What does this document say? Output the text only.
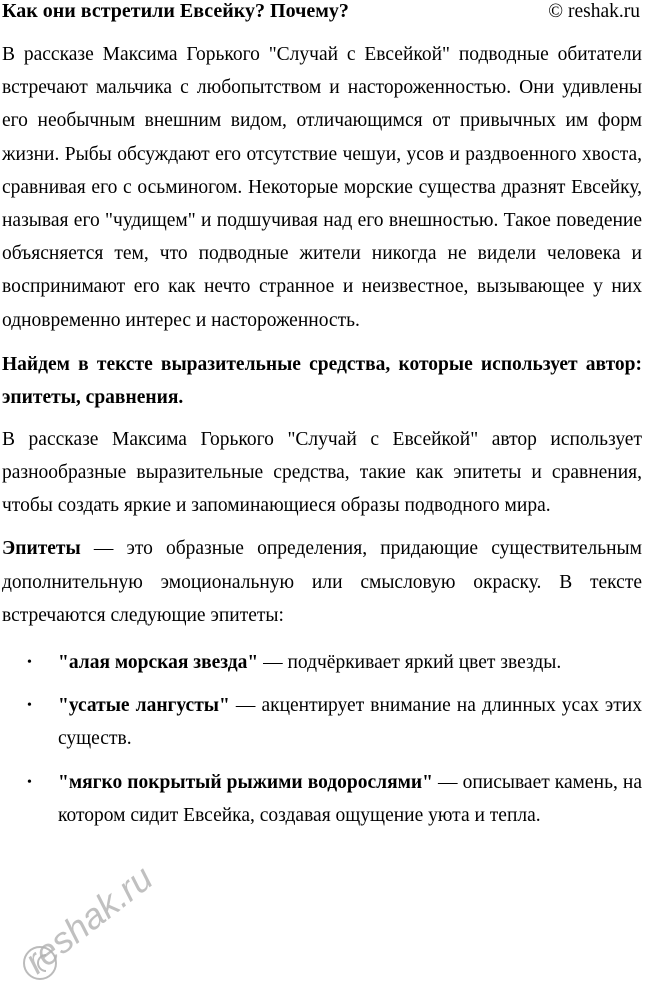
Как они встретили Евсейку? Почему?	© reshak.ru

В рассказе Максима Горького "Случай с Евсейкой" подводные обитатели встречают мальчика с любопытством и настороженностью. Они удивлены его необычным внешним видом, отличающимся от привычных им форм жизни. Рыбы обсуждают его отсутствие чешуи, усов и раздвоенного хвоста, сравнивая его с осьминогом. Некоторые морские существа дразнят Евсейку, называя его "чудищем" и подшучивая над его внешностью. Такое поведение объясняется тем, что подводные жители никогда не видели человека и воспринимают его как нечто странное и неизвестное, вызывающее у них одновременно интерес и настороженность.

Найдем в тексте выразительные средства, которые использует автор: эпитеты, сравнения.

В рассказе Максима Горького "Случай с Евсейкой" автор использует разнообразные выразительные средства, такие как эпитеты и сравнения, чтобы создать яркие и запоминающиеся образы подводного мира.

Эпитеты — это образные определения, придающие существительным дополнительную эмоциональную или смысловую окраску. В тексте встречаются следующие эпитеты:

• "алая морская звезда" — подчёркивает яркий цвет звезды.
• "усатые лангусты" — акцентирует внимание на длинных усах этих существ.
• "мягко покрытый рыжими водорослями" — описывает камень, на котором сидит Евсейка, создавая ощущение уюта и тепла.
reshak.ru
